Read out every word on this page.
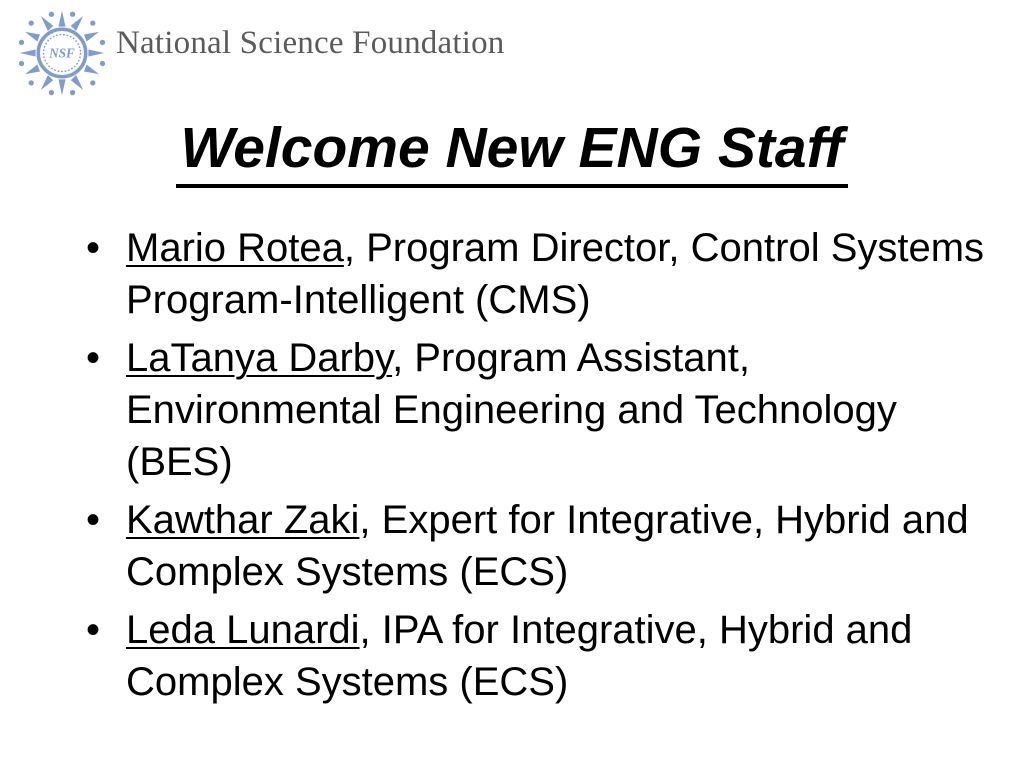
NSF National Science Foundation
Welcome New ENG Staff
• Mario Rotea, Program Director, Control Systems Program-Intelligent (CMS)
• LaTanya Darby, Program Assistant, Environmental Engineering and Technology (BES)
• Kawthar Zaki, Expert for Integrative, Hybrid and Complex Systems (ECS)
• Leda Lunardi, IPA for Integrative, Hybrid and Complex Systems (ECS)
